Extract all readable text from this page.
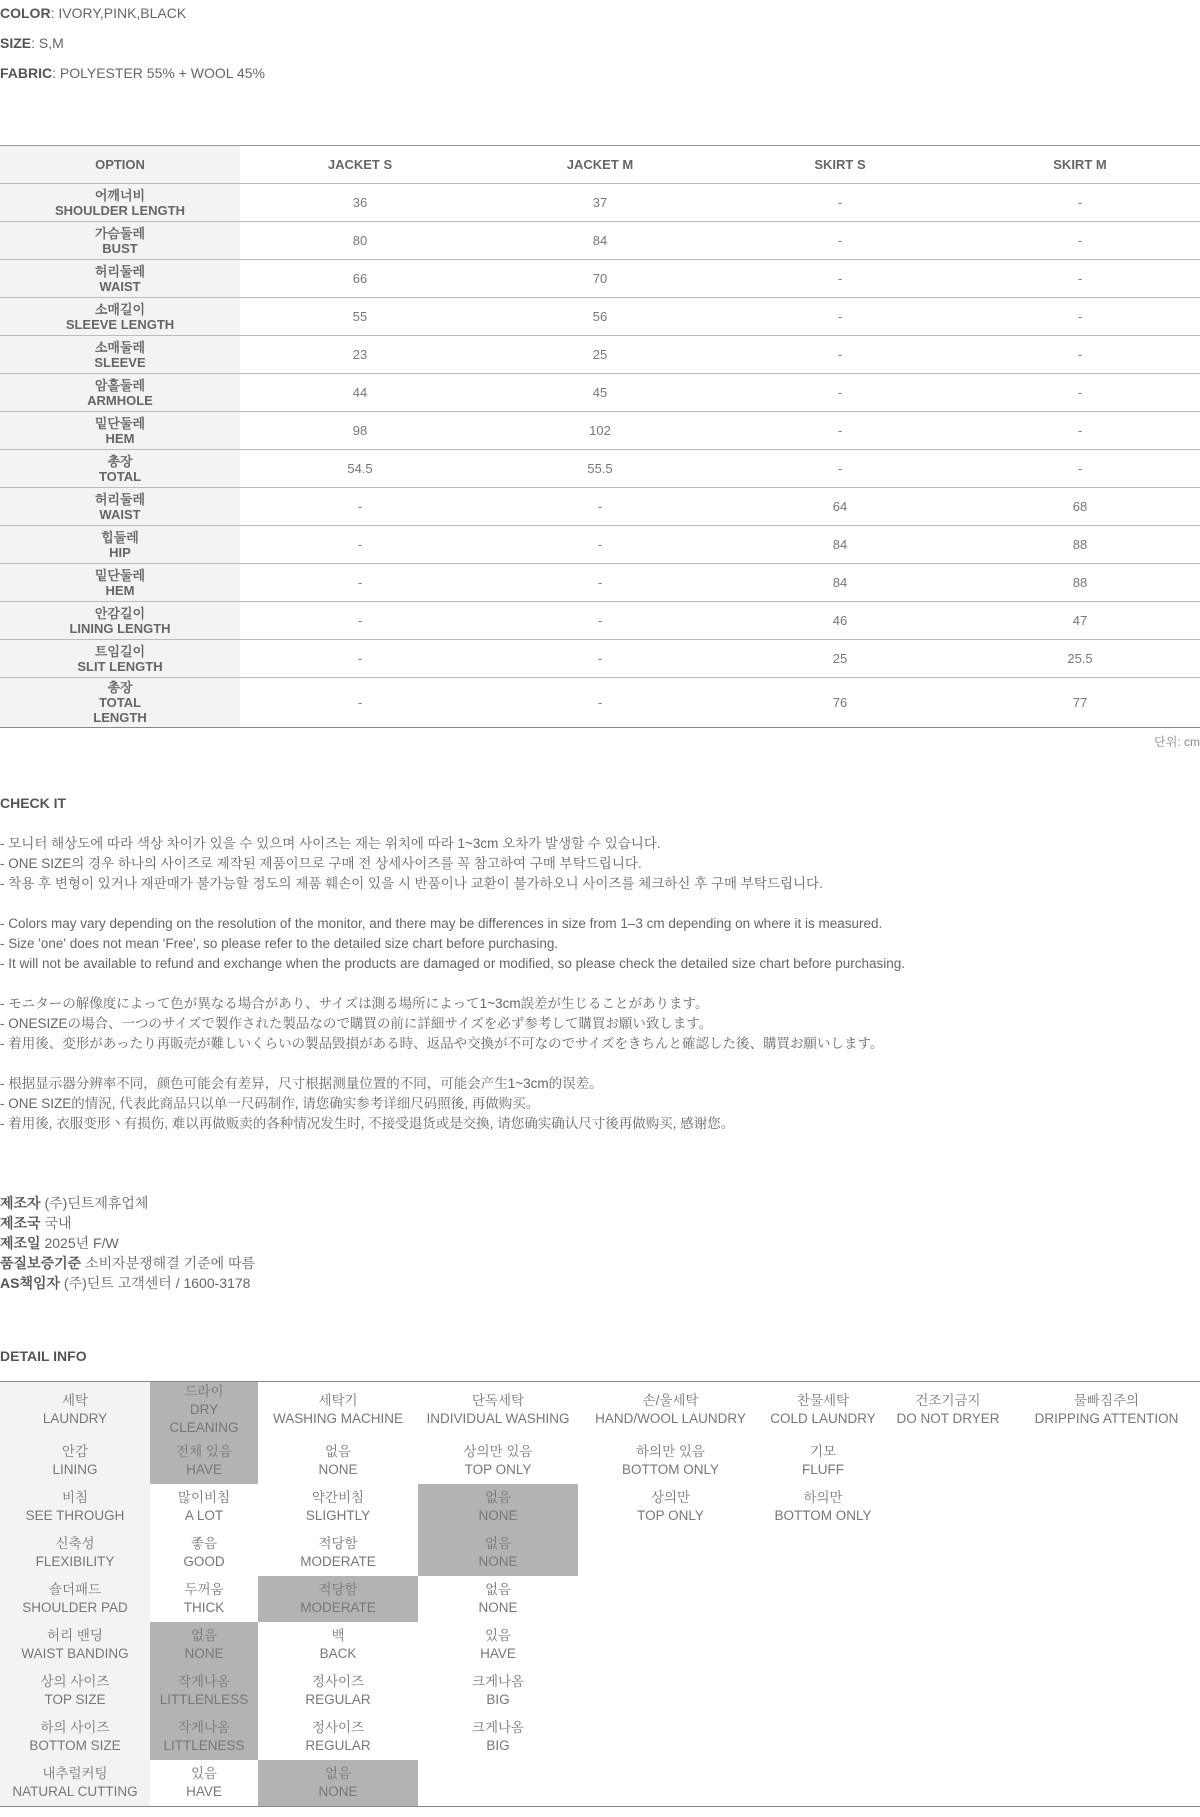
COLOR: IVORY,PINK,BLACK
SIZE: S,M
FABRIC: POLYESTER 55% + WOOL 45%
OPTION	JACKET S	JACKET M	SKIRT S	SKIRT M

어깨너비
SHOULDER LENGTH	36	37	-	-

가슴둘레
BUST	80	84	-	-

허리둘레
WAIST	66	70	-	-

소매길이
SLEEVE LENGTH	55	56	-	-

소매둘레
SLEEVE	23	25	-	-

암홀둘레
ARMHOLE	44	45	-	-

밑단둘레
HEM	98	102	-	-

총장
TOTAL	54.5	55.5	-	-

허리둘레
WAIST	-	-	64	68

힙둘레
HIP	-	-	84	88

밑단둘레
HEM	-	-	84	88

안감길이
LINING LENGTH	-	-	46	47

트임길이
SLIT LENGTH	-	-	25	25.5

총장
TOTAL
LENGTH	-	-	76	77
단위: cm
CHECK IT
- 모니터 해상도에 따라 색상 차이가 있을 수 있으며 사이즈는 재는 위치에 따라 1~3cm 오차가 발생할 수 있습니다.
- ONE SIZE의 경우 하나의 사이즈로 제작된 제품이므로 구매 전 상세사이즈를 꼭 참고하여 구매 부탁드립니다.
- 착용 후 변형이 있거나 재판매가 불가능할 정도의 제품 훼손이 있을 시 반품이나 교환이 불가하오니 사이즈를 체크하신 후 구매 부탁드립니다.
- Colors may vary depending on the resolution of the monitor, and there may be differences in size from 1–3 cm depending on where it is measured.
- Size 'one' does not mean 'Free', so please refer to the detailed size chart before purchasing.
- It will not be available to refund and exchange when the products are damaged or modified, so please check the detailed size chart before purchasing.
- モニターの解像度によって色が異なる場合があり、サイズは測る場所によって1~3cm誤差が生じることがあります。
- ONESIZEの場合、一つのサイズで製作された製品なので購買の前に詳細サイズを必ず参考して購買お願い致します。
- 着用後、変形があったり再販売が難しいくらいの製品毀損がある時、返品や交換が不可なのでサイズをきちんと確認した後、購買お願いします。
- 根据显示器分辨率不同，颜色可能会有差异，尺寸根据测量位置的不同，可能会产生1~3cm的误差。
- ONE SIZE的情況, 代表此商品只以单一尺码制作, 请您确实参考详细尺码照後, 再做购买。
- 着用後, 衣服变形丶有损伤, 难以再做贩卖的各种情况发生时, 不接受退货或是交換, 请您确实确认尺寸後再做购买, 感谢您。
제조자 (주)딘트제휴업체
제조국 국내
제조일 2025년 F/W
품질보증기준 소비자분쟁해결 기준에 따름
AS책임자 (주)딘트 고객센터 / 1600-3178
DETAIL INFO
세탁
LAUNDRY	드라이
DRY
CLEANING	세탁기
WASHING MACHINE	단독세탁
INDIVIDUAL WASHING	손/울세탁
HAND/WOOL LAUNDRY	찬물세탁
COLD LAUNDRY	건조기금지
DO NOT DRYER	물빠짐주의
DRIPPING ATTENTION	

안감
LINING	전체 있음
HAVE	없음
NONE	상의만 있음
TOP ONLY	하의만 있음
BOTTOM ONLY	기모
FLUFF			

비침
SEE THROUGH	많이비침
A LOT	약간비침
SLIGHTLY	없음
NONE	상의만
TOP ONLY	하의만
BOTTOM ONLY			

신축성
FLEXIBILITY	좋음
GOOD	적당함
MODERATE	없음
NONE					

숄더패드
SHOULDER PAD	두꺼움
THICK	적당함
MODERATE	없음
NONE					

허리 밴딩
WAIST BANDING	없음
NONE	백
BACK	있음
HAVE					

상의 사이즈
TOP SIZE	작게나옴
LITTLENLESS	정사이즈
REGULAR	크게나옴
BIG					

하의 사이즈
BOTTOM SIZE	작게나옴
LITTLENESS	정사이즈
REGULAR	크게나옴
BIG					

내추럴커팅
NATURAL CUTTING	있음
HAVE	없음
NONE						
